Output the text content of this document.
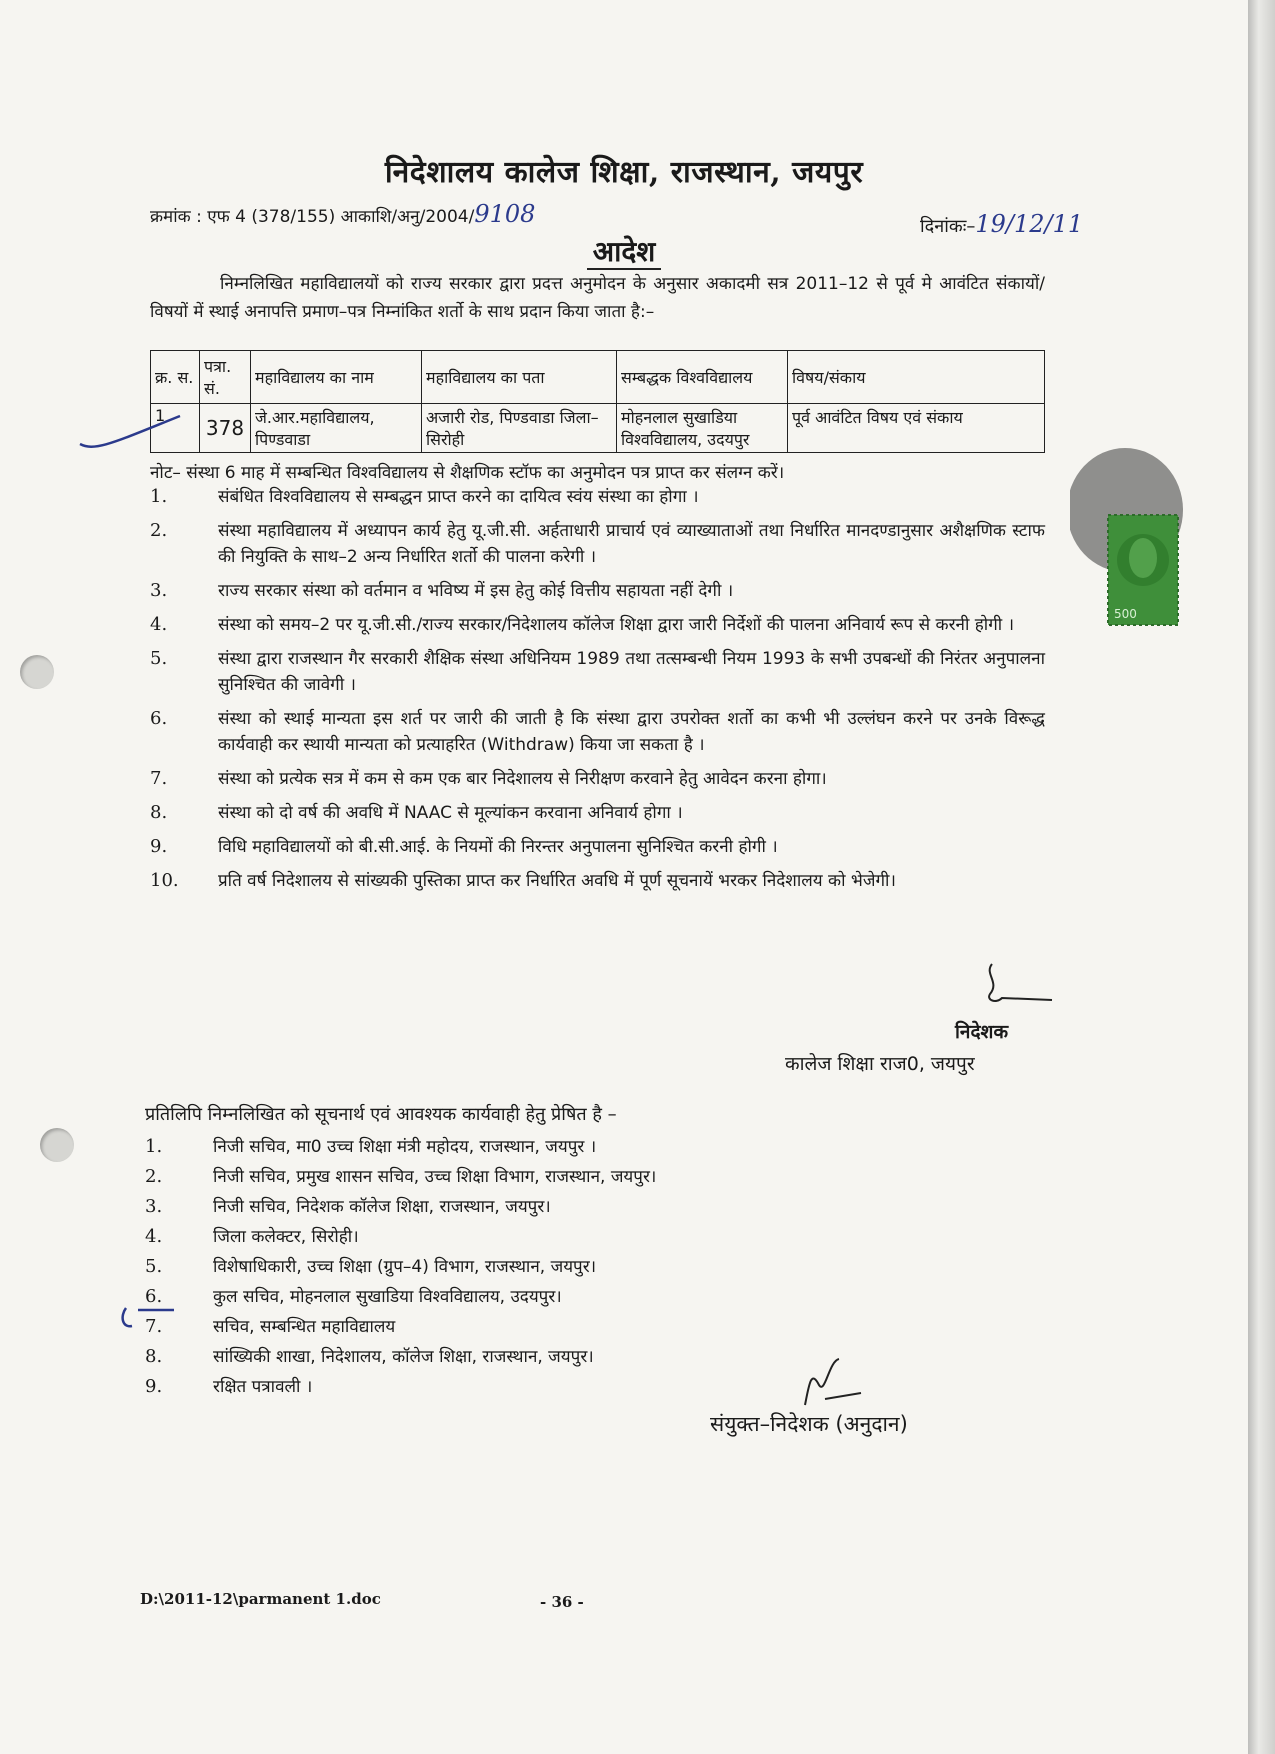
निदेशालय कालेज शिक्षा, राजस्थान, जयपुर
क्रमांक : एफ 4 (378/155) आकाशि/अनु/2004/9108	दिनांकः–19/12/11
आदेश
निम्नलिखित महाविद्यालयों को राज्य सरकार द्वारा प्रदत्त अनुमोदन के अनुसार अकादमी सत्र 2011–12 से पूर्व मे आवंटित संकायों/विषयों में स्थाई अनापत्ति प्रमाण–पत्र निम्नांकित शर्तो के साथ प्रदान किया जाता है:–
क्र. स.	पत्रा. सं.	महाविद्यालय का नाम	महाविद्यालय का पता	सम्बद्धक विश्वविद्यालय	विषय/संकाय
1	378	जे.आर.महाविद्यालय, पिण्डवाडा	अजारी रोड, पिण्डवाडा जिला–सिरोही	मोहनलाल सुखाडिया विश्वविद्यालय, उदयपुर	पूर्व आवंटित विषय एवं संकाय
नोट– संस्था 6 माह में सम्बन्धित विश्वविद्यालय से शैक्षणिक स्टॉफ का अनुमोदन पत्र प्राप्त कर संलग्न करें।
1.	संबंधित विश्वविद्यालय से सम्बद्धन प्राप्त करने का दायित्व स्वंय संस्था का होगा ।
2.	संस्था महाविद्यालय में अध्यापन कार्य हेतु यू.जी.सी. अर्हताधारी प्राचार्य एवं व्याख्याताओं तथा निर्धारित मानदण्डानुसार अशैक्षणिक स्टाफ की नियुक्ति के साथ–2 अन्य निर्धारित शर्तो की पालना करेगी ।
3.	राज्य सरकार संस्था को वर्तमान व भविष्य में इस हेतु कोई वित्तीय सहायता नहीं देगी ।
4.	संस्था को समय–2 पर यू.जी.सी./राज्य सरकार/निदेशालय कॉलेज शिक्षा द्वारा जारी निर्देशों की पालना अनिवार्य रूप से करनी होगी ।
5.	संस्था द्वारा राजस्थान गैर सरकारी शैक्षिक संस्था अधिनियम 1989 तथा तत्सम्बन्धी नियम 1993 के सभी उपबन्धों की निरंतर अनुपालना सुनिश्चित की जावेगी ।
6.	संस्था को स्थाई मान्यता इस शर्त पर जारी की जाती है कि संस्था द्वारा उपरोक्त शर्तो का कभी भी उल्लंघन करने पर उनके विरूद्ध कार्यवाही कर स्थायी मान्यता को प्रत्याहरित (Withdraw) किया जा सकता है ।
7.	संस्था को प्रत्येक सत्र में कम से कम एक बार निदेशालय से निरीक्षण करवाने हेतु आवेदन करना होगा।
8.	संस्था को दो वर्ष की अवधि में NAAC से मूल्यांकन करवाना अनिवार्य होगा ।
9.	विधि महाविद्यालयों को बी.सी.आई. के नियमों की निरन्तर अनुपालना सुनिश्चित करनी होगी ।
10.	प्रति वर्ष निदेशालय से सांख्यकी पुस्तिका प्राप्त कर निर्धारित अवधि में पूर्ण सूचनायें भरकर निदेशालय को भेजेगी।
निदेशक
कालेज शिक्षा राज0, जयपुर
प्रतिलिपि निम्नलिखित को सूचनार्थ एवं आवश्यक कार्यवाही हेतु प्रेषित है –
1.	निजी सचिव, मा0 उच्च शिक्षा मंत्री महोदय, राजस्थान, जयपुर ।
2.	निजी सचिव, प्रमुख शासन सचिव, उच्च शिक्षा विभाग, राजस्थान, जयपुर।
3.	निजी सचिव, निदेशक कॉलेज शिक्षा, राजस्थान, जयपुर।
4.	जिला कलेक्टर, सिरोही।
5.	विशेषाधिकारी, उच्च शिक्षा (ग्रुप–4) विभाग, राजस्थान, जयपुर।
6.	कुल सचिव, मोहनलाल सुखाडिया विश्वविद्यालय, उदयपुर।
7.	सचिव, सम्बन्धित महाविद्यालय
8.	सांख्यिकी शाखा, निदेशालय, कॉलेज शिक्षा, राजस्थान, जयपुर।
9.	रक्षित पत्रावली ।
संयुक्त–निदेशक (अनुदान)
D:\2011-12\parmanent 1.doc	- 36 -
500
